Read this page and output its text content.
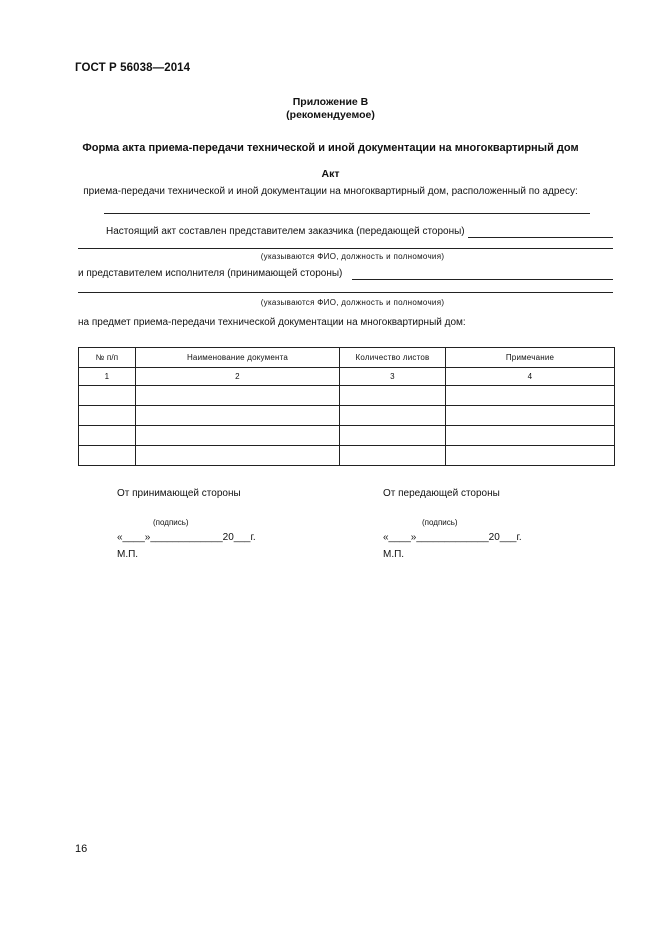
ГОСТ Р 56038—2014
Приложение В
(рекомендуемое)
Форма акта приема-передачи технической и иной документации на многоквартирный дом
Акт
приема-передачи технической и иной документации на многоквартирный дом, расположенный по адресу:
Настоящий акт составлен представителем заказчика (передающей стороны)
(указываются ФИО, должность и полномочия)
и представителем исполнителя (принимающей стороны)
(указываются ФИО, должность и полномочия)
на предмет приема-передачи технической документации на многоквартирный дом:
№ п/п	Наименование документа	Количество листов	Примечание
1	2	3	4

От принимающей стороны
(подпись)
«____»_____________20___г.
М.П.
От передающей стороны
(подпись)
«____»_____________20___г.
М.П.
16
